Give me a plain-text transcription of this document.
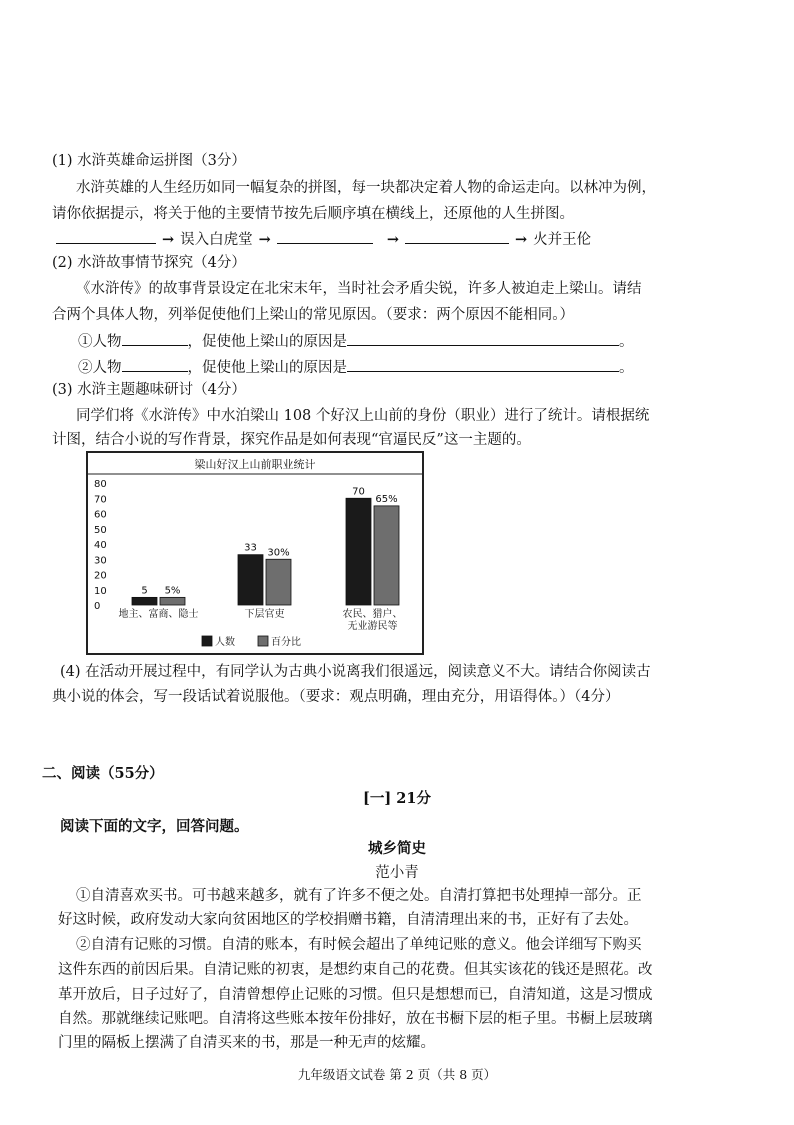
(1) 水浒英雄命运拼图（3分）
水浒英雄的人生经历如同一幅复杂的拼图，每一块都决定着人物的命运走向。以林冲为例，
请你依据提示，将关于他的主要情节按先后顺序填在横线上，还原他的人生拼图。
→ 误入白虎堂 →	→	→ 火并王伦
(2) 水浒故事情节探究（4分）
《水浒传》的故事背景设定在北宋末年，当时社会矛盾尖锐，许多人被迫走上梁山。请结
合两个具体人物，列举促使他们上梁山的常见原因。（要求：两个原因不能相同。）
①人物	，促使他上梁山的原因是	。
②人物	，促使他上梁山的原因是	。
(3) 水浒主题趣味研讨（4分）
同学们将《水浒传》中水泊梁山 108 个好汉上山前的身份（职业）进行了统计。请根据统
计图，结合小说的写作背景，探究作品是如何表现“官逼民反”这一主题的。
梁山好汉上山前职业统计
80
70
60
50
40
30
20
10
0
5 5%
地主、富商、隐士
33 30%
下层官吏
70
65%
农民、猎户、
无业游民等
人数	百分比
(4) 在活动开展过程中，有同学认为古典小说离我们很遥远，阅读意义不大。请结合你阅读古
典小说的体会，写一段话试着说服他。（要求：观点明确，理由充分，用语得体。）（4分）
二、阅读（55分）
[一] 21分
阅读下面的文字，回答问题。
城乡简史
范小青
①自清喜欢买书。可书越来越多，就有了许多不便之处。自清打算把书处理掉一部分。正
好这时候，政府发动大家向贫困地区的学校捐赠书籍，自清清理出来的书，正好有了去处。
②自清有记账的习惯。自清的账本，有时候会超出了单纯记账的意义。他会详细写下购买
这件东西的前因后果。自清记账的初衷，是想约束自己的花费。但其实该花的钱还是照花。改
革开放后，日子过好了，自清曾想停止记账的习惯。但只是想想而已，自清知道，这是习惯成
自然。那就继续记账吧。自清将这些账本按年份排好，放在书橱下层的柜子里。书橱上层玻璃
门里的隔板上摆满了自清买来的书，那是一种无声的炫耀。
九年级语文试卷 第 2 页（共 8 页）
